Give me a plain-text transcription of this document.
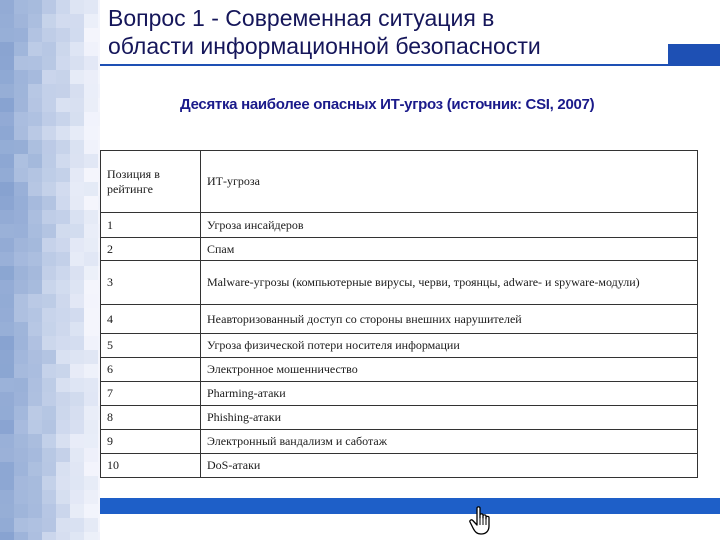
Вопрос 1 - Современная ситуация в

области информационной безопасности

Десятка наиболее опасных ИТ-угроз (источник: CSI, 2007)
Позиция в рейтинге	ИТ-угроза
1	Угроза инсайдеров
2	Спам
3	Malware-угрозы (компьютерные вирусы, черви, троянцы, adware- и spyware-модули)
4	Неавторизованный доступ со стороны внешних нарушителей
5	Угроза физической потери носителя информации
6	Электронное мошенничество
7	Pharming-атаки
8	Phishing-атаки
9	Электронный вандализм и саботаж
10	DoS-атаки
